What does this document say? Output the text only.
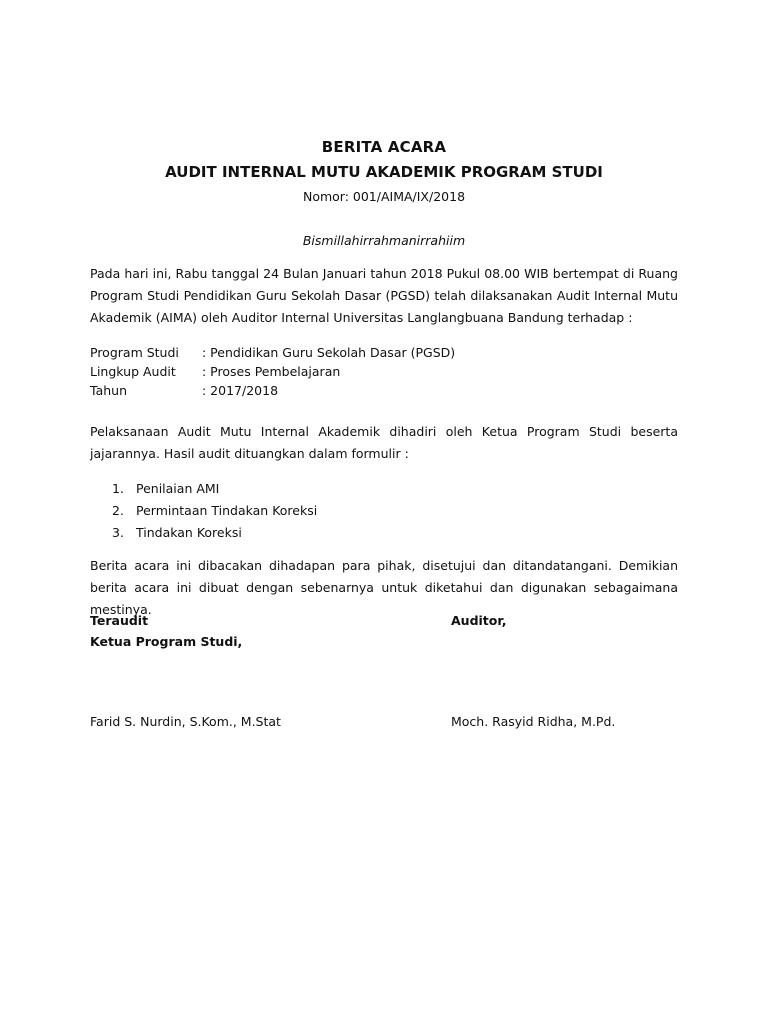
BERITA ACARA
AUDIT INTERNAL MUTU AKADEMIK PROGRAM STUDI
Nomor: 001/AIMA/IX/2018
Bismillahirrahmanirrahiim
Pada hari ini, Rabu tanggal 24 Bulan Januari tahun 2018 Pukul 08.00 WIB bertempat di Ruang Program Studi Pendidikan Guru Sekolah Dasar (PGSD) telah dilaksanakan Audit Internal Mutu Akademik (AIMA) oleh Auditor Internal Universitas Langlangbuana Bandung terhadap :
Program Studi	: Pendidikan Guru Sekolah Dasar (PGSD)
Lingkup Audit	: Proses Pembelajaran
Tahun	: 2017/2018
Pelaksanaan Audit Mutu Internal Akademik dihadiri oleh Ketua Program Studi beserta jajarannya. Hasil audit dituangkan dalam formulir :
1. Penilaian AMI
2. Permintaan Tindakan Koreksi
3. Tindakan Koreksi
Berita acara ini dibacakan dihadapan para pihak, disetujui dan ditandatangani. Demikian berita acara ini dibuat dengan sebenarnya untuk diketahui dan digunakan sebagaimana mestinya.
Teraudit
Ketua Program Studi,
Auditor,
Farid S. Nurdin, S.Kom., M.Stat	Moch. Rasyid Ridha, M.Pd.
